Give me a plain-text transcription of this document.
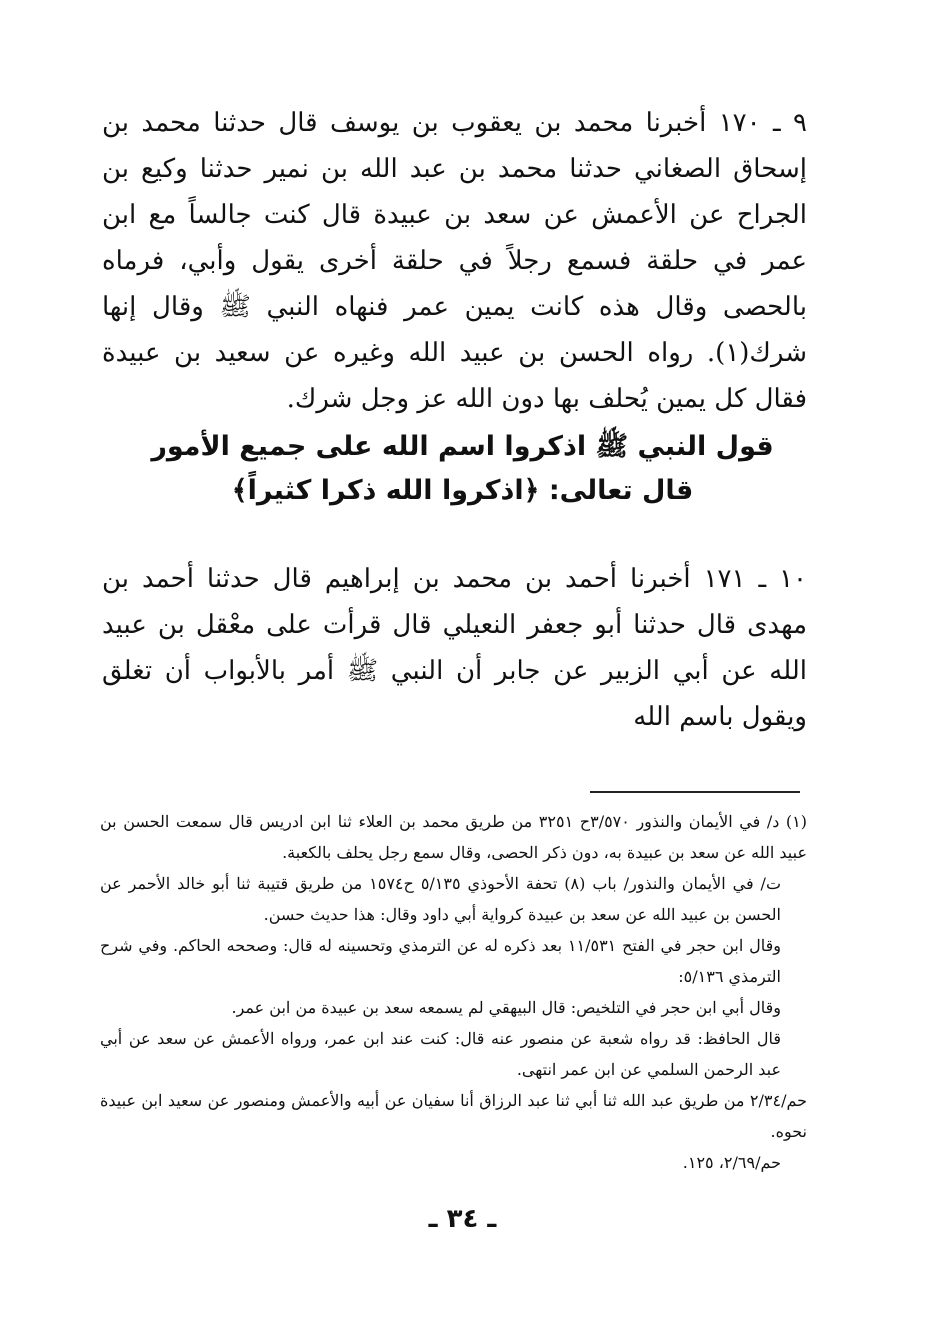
٩ ـ ١٧٠ أخبرنا محمد بن يعقوب بن يوسف قال حدثنا محمد بن إسحاق الصغاني حدثنا محمد بن عبد الله بن نمير حدثنا وكيع بن الجراح عن الأعمش عن سعد بن عبيدة قال كنت جالساً مع ابن عمر في حلقة فسمع رجلاً في حلقة أخرى يقول وأبي، فرماه بالحصى وقال هذه كانت يمين عمر فنهاه النبي ﷺ وقال إنها شرك(١). رواه الحسن بن عبيد الله وغيره عن سعيد بن عبيدة فقال كل يمين يُحلف بها دون الله عز وجل شرك.

قول النبي ﷺ اذكروا اسم الله على جميع الأمور
قال تعالى: ﴿اذكروا الله ذكرا كثيراً﴾

١٠ ـ ١٧١ أخبرنا أحمد بن محمد بن إبراهيم قال حدثنا أحمد بن مهدى قال حدثنا أبو جعفر النعيلي قال قرأت على معْقل بن عبيد الله عن أبي الزبير عن جابر أن النبي ﷺ أمر بالأبواب أن تغلق ويقول باسم الله

(١) د/ في الأيمان والنذور ٣/٥٧٠ح ٣٢٥١ من طريق محمد بن العلاء ثنا ابن ادريس قال سمعت الحسن بن عبيد الله عن سعد بن عبيدة به، دون ذكر الحصى، وقال سمع رجل يحلف بالكعبة.
ت/ في الأيمان والنذور/ باب (٨) تحفة الأحوذي ٥/١٣٥ ح١٥٧٤ من طريق قتيبة ثنا أبو خالد الأحمر عن الحسن بن عبيد الله عن سعد بن عبيدة كرواية أبي داود وقال: هذا حديث حسن.
وقال ابن حجر في الفتح ١١/٥٣١ بعد ذكره له عن الترمذي وتحسينه له قال: وصححه الحاكم. وفي شرح الترمذي ٥/١٣٦:
وقال أبي ابن حجر في التلخيص: قال البيهقي لم يسمعه سعد بن عبيدة من ابن عمر.
قال الحافظ: قد رواه شعبة عن منصور عنه قال: كنت عند ابن عمر، ورواه الأعمش عن سعد عن أبي عبد الرحمن السلمي عن ابن عمر انتهى.
حم/٢/٣٤ من طريق عبد الله ثنا أبي ثنا عبد الرزاق أنا سفيان عن أبيه والأعمش ومنصور عن سعيد ابن عبيدة نحوه.
حم/٢/٦٩، ١٢٥.
ـ ٣٤ ـ
